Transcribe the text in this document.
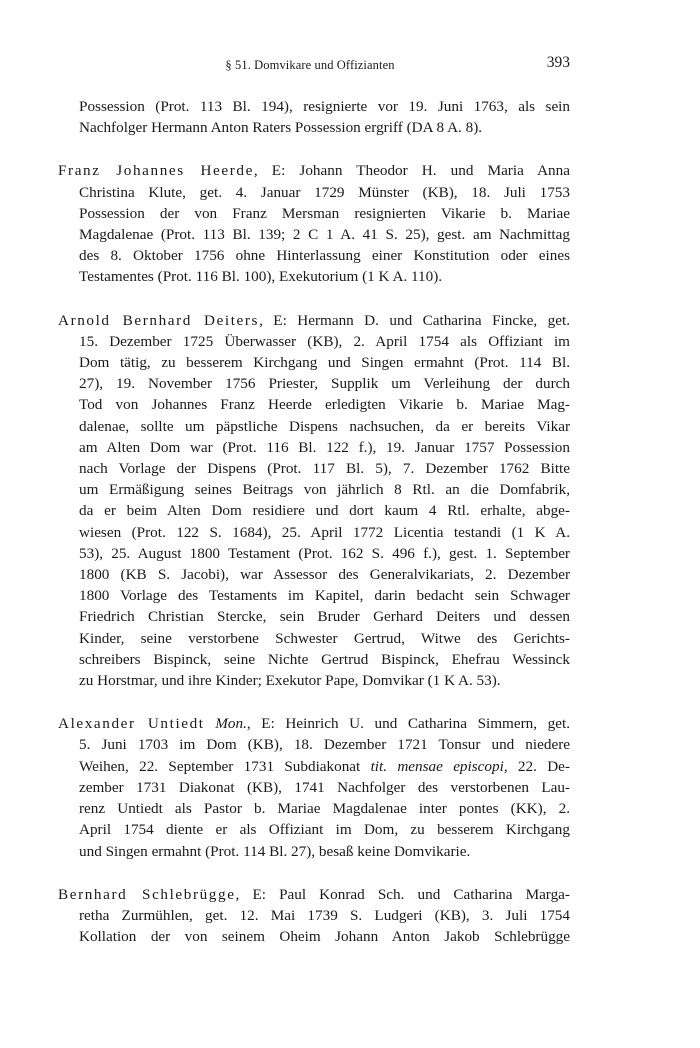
§ 51. Domvikare und Offizianten	393
Possession (Prot. 113 Bl. 194), resignierte vor 19. Juni 1763, als sein
Nachfolger Hermann Anton Raters Possession ergriff (DA 8 A. 8).
Franz Johannes Heerde, E: Johann Theodor H. und Maria Anna
Christina Klute, get. 4. Januar 1729 Münster (KB), 18. Juli 1753
Possession der von Franz Mersman resignierten Vikarie b. Mariae
Magdalenae (Prot. 113 Bl. 139; 2 C 1 A. 41 S. 25), gest. am Nachmittag
des 8. Oktober 1756 ohne Hinterlassung einer Konstitution oder eines
Testamentes (Prot. 116 Bl. 100), Exekutorium (1 K A. 110).
Arnold Bernhard Deiters, E: Hermann D. und Catharina Fincke, get.
15. Dezember 1725 Überwasser (KB), 2. April 1754 als Offiziant im
Dom tätig, zu besserem Kirchgang und Singen ermahnt (Prot. 114 Bl.
27), 19. November 1756 Priester, Supplik um Verleihung der durch
Tod von Johannes Franz Heerde erledigten Vikarie b. Mariae Mag-
dalenae, sollte um päpstliche Dispens nachsuchen, da er bereits Vikar
am Alten Dom war (Prot. 116 Bl. 122 f.), 19. Januar 1757 Possession
nach Vorlage der Dispens (Prot. 117 Bl. 5), 7. Dezember 1762 Bitte
um Ermäßigung seines Beitrags von jährlich 8 Rtl. an die Domfabrik,
da er beim Alten Dom residiere und dort kaum 4 Rtl. erhalte, abge-
wiesen (Prot. 122 S. 1684), 25. April 1772 Licentia testandi (1 K A.
53), 25. August 1800 Testament (Prot. 162 S. 496 f.), gest. 1. September
1800 (KB S. Jacobi), war Assessor des Generalvikariats, 2. Dezember
1800 Vorlage des Testaments im Kapitel, darin bedacht sein Schwager
Friedrich Christian Stercke, sein Bruder Gerhard Deiters und dessen
Kinder, seine verstorbene Schwester Gertrud, Witwe des Gerichts-
schreibers Bispinck, seine Nichte Gertrud Bispinck, Ehefrau Wessinck
zu Horstmar, und ihre Kinder; Exekutor Pape, Domvikar (1 K A. 53).
Alexander Untiedt Mon., E: Heinrich U. und Catharina Simmern, get.
5. Juni 1703 im Dom (KB), 18. Dezember 1721 Tonsur und niedere
Weihen, 22. September 1731 Subdiakonat tit. mensae episcopi, 22. De-
zember 1731 Diakonat (KB), 1741 Nachfolger des verstorbenen Lau-
renz Untiedt als Pastor b. Mariae Magdalenae inter pontes (KK), 2.
April 1754 diente er als Offiziant im Dom, zu besserem Kirchgang
und Singen ermahnt (Prot. 114 Bl. 27), besaß keine Domvikarie.
Bernhard Schlebrügge, E: Paul Konrad Sch. und Catharina Marga-
retha Zurmühlen, get. 12. Mai 1739 S. Ludgeri (KB), 3. Juli 1754
Kollation der von seinem Oheim Johann Anton Jakob Schlebrügge
